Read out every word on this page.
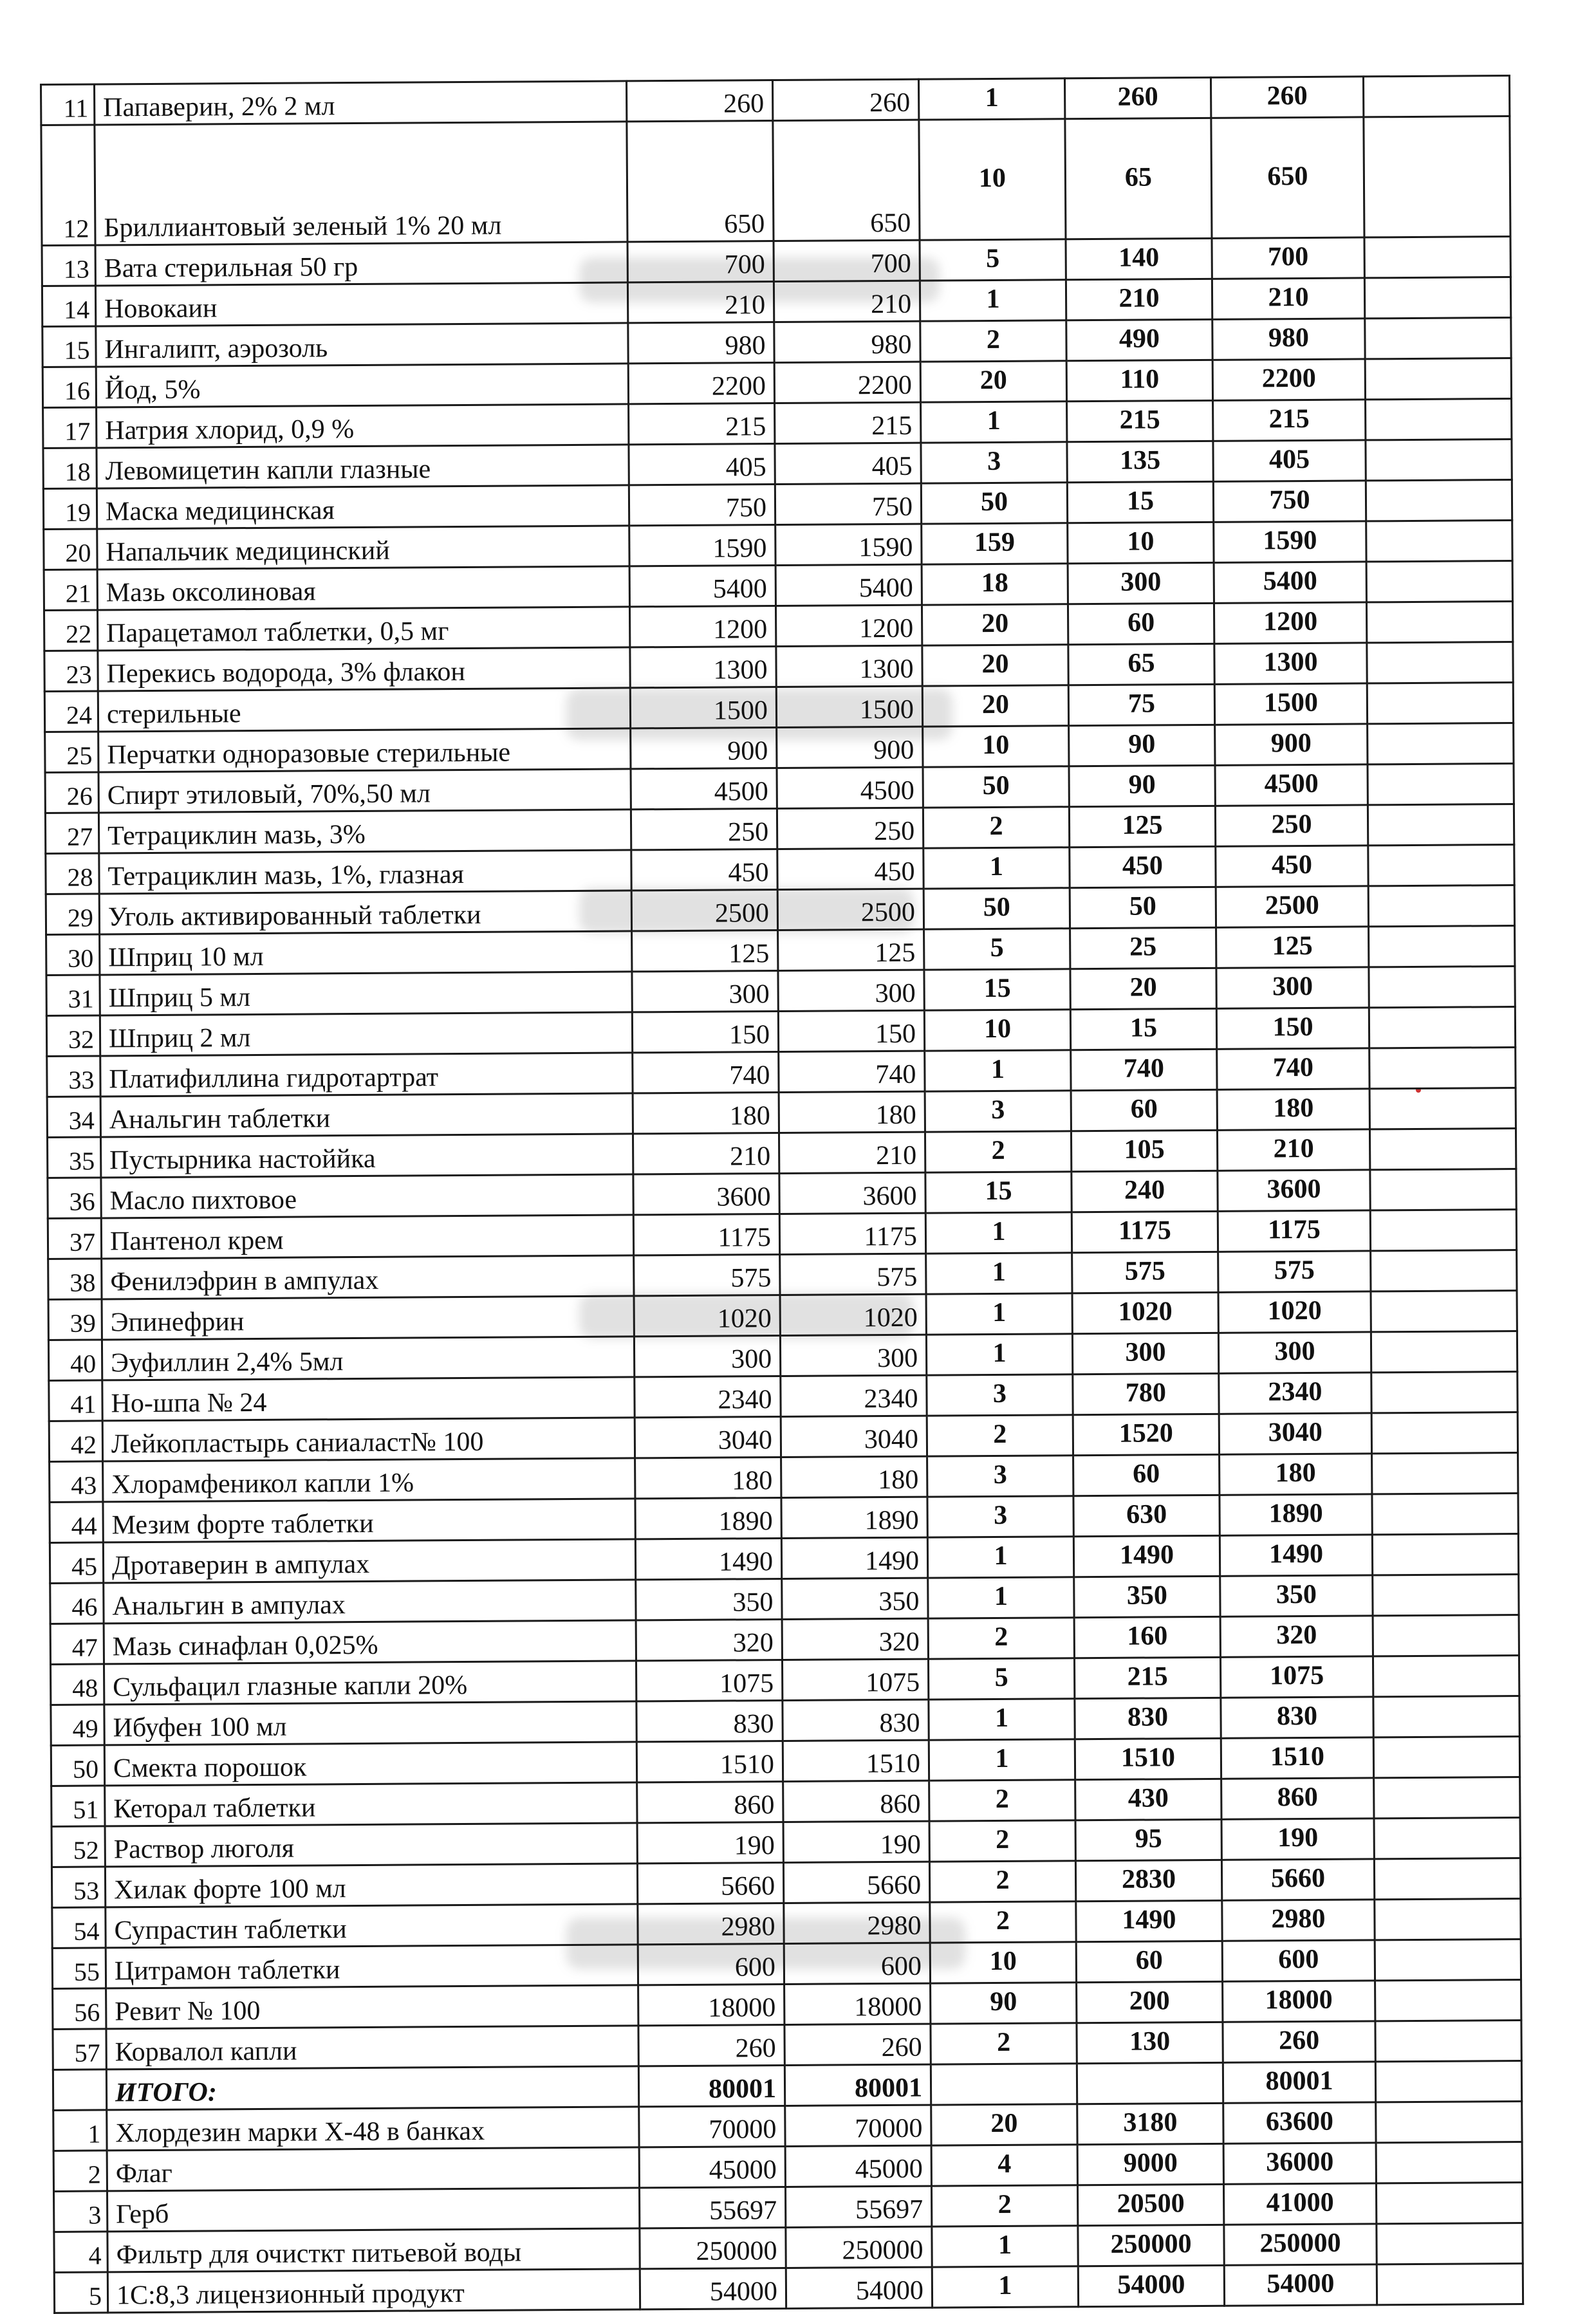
11	Папаверин, 2% 2 мл	260	260	1	260	260	
12	Бриллиантовый зеленый 1% 20 мл	650	650	10	65	650	
13	Вата стерильная 50 гр	700	700	5	140	700	
14	Новокаин	210	210	1	210	210	
15	Ингалипт, аэрозоль	980	980	2	490	980	
16	Йод, 5%	2200	2200	20	110	2200	
17	Натрия хлорид, 0,9 %	215	215	1	215	215	
18	Левомицетин капли глазные	405	405	3	135	405	
19	Маска медицинская	750	750	50	15	750	
20	Напальчик медицинский	1590	1590	159	10	1590	
21	Мазь оксолиновая	5400	5400	18	300	5400	
22	Парацетамол таблетки, 0,5 мг	1200	1200	20	60	1200	
23	Перекись водорода, 3% флакон	1300	1300	20	65	1300	
24	стерильные	1500	1500	20	75	1500	
25	Перчатки одноразовые стерильные	900	900	10	90	900	
26	Спирт этиловый, 70%,50 мл	4500	4500	50	90	4500	
27	Тетрациклин мазь, 3%	250	250	2	125	250	
28	Тетрациклин мазь, 1%, глазная	450	450	1	450	450	
29	Уголь активированный таблетки	2500	2500	50	50	2500	
30	Шприц 10 мл	125	125	5	25	125	
31	Шприц 5 мл	300	300	15	20	300	
32	Шприц 2 мл	150	150	10	15	150	
33	Платифиллина гидротартрат	740	740	1	740	740	
34	Анальгин таблетки	180	180	3	60	180	
35	Пустырника настоййка	210	210	2	105	210	
36	Масло пихтовое	3600	3600	15	240	3600	
37	Пантенол крем	1175	1175	1	1175	1175	
38	Фенилэфрин в ампулах	575	575	1	575	575	
39	Эпинефрин	1020	1020	1	1020	1020	
40	Эуфиллин 2,4% 5мл	300	300	1	300	300	
41	Но-шпа № 24	2340	2340	3	780	2340	
42	Лейкопластырь саниаласт№ 100	3040	3040	2	1520	3040	
43	Хлорамфеникол капли 1%	180	180	3	60	180	
44	Мезим форте таблетки	1890	1890	3	630	1890	
45	Дротаверин в ампулах	1490	1490	1	1490	1490	
46	Анальгин в ампулах	350	350	1	350	350	
47	Мазь синафлан 0,025%	320	320	2	160	320	
48	Сульфацил глазные капли 20%	1075	1075	5	215	1075	
49	Ибуфен 100 мл	830	830	1	830	830	
50	Смекта порошок	1510	1510	1	1510	1510	
51	Кеторал таблетки	860	860	2	430	860	
52	Раствор люголя	190	190	2	95	190	
53	Хилак форте 100 мл	5660	5660	2	2830	5660	
54	Супрастин таблетки	2980	2980	2	1490	2980	
55	Цитрамон таблетки	600	600	10	60	600	
56	Ревит № 100	18000	18000	90	200	18000	
57	Корвалол капли	260	260	2	130	260	
	ИТОГО:	80001	80001			80001	
1	Хлордезин марки Х-48 в банках	70000	70000	20	3180	63600	
2	Флаг	45000	45000	4	9000	36000	
3	Герб	55697	55697	2	20500	41000	
4	Фильтр для очисткт питьевой воды	250000	250000	1	250000	250000	
5	1С:8,3 лицензионный продукт	54000	54000	1	54000	54000	
